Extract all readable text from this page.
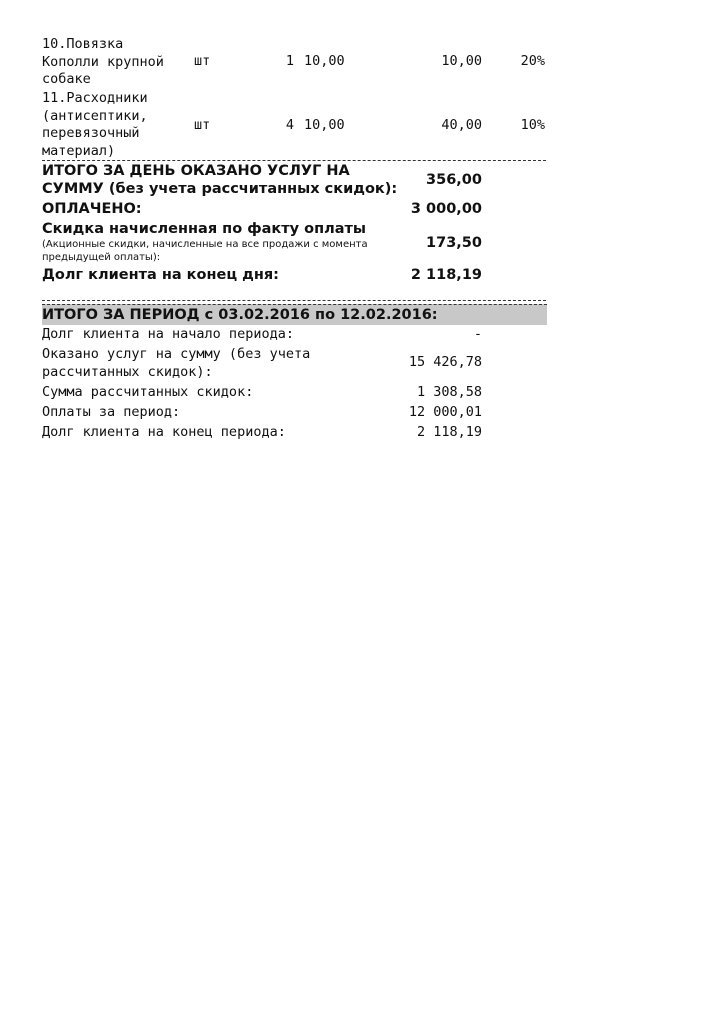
10.Повязка
Кополли крупной
собаке
шт	1 10,00	10,00	20%
11.Расходники
(антисептики,
перевязочный
материал)
шт	4 10,00	40,00	10%
ИТОГО ЗА ДЕНЬ ОКАЗАНО УСЛУГ НА
СУММУ (без учета рассчитанных скидок):
356,00
ОПЛАЧЕНО:	3 000,00
Скидка начисленная по факту оплаты
(Акционные скидки, начисленные на все продажи с момента
предыдущей оплаты):
173,50
Долг клиента на конец дня:	2 118,19
ИТОГО ЗА ПЕРИОД с 03.02.2016 по 12.02.2016:
Долг клиента на начало периода:	-
Оказано услуг на сумму (без учета
рассчитанных скидок):
15 426,78
Сумма рассчитанных скидок:	1 308,58
Оплаты за период:	12 000,01
Долг клиента на конец периода:	2 118,19
